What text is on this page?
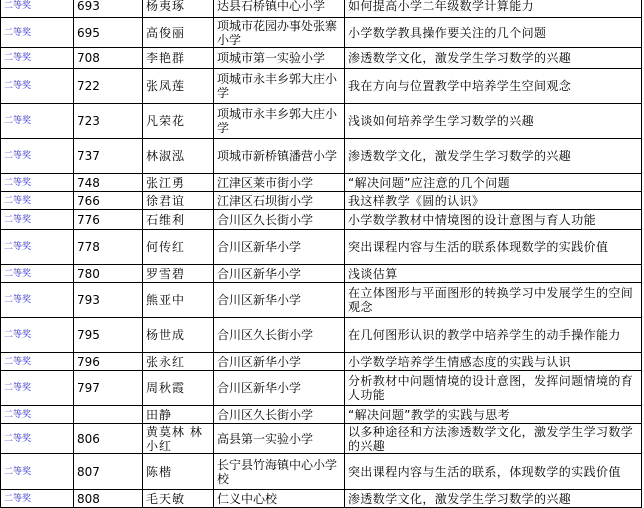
二等奖	693	杨夷琢	达县石桥镇中心小学	如何提高小学二年级数学计算能力
二等奖	695	高俊丽	项城市花园办事处张寨小学	小学数学教具操作要关注的几个问题
二等奖	708	李艳群	项城市第一实验小学	渗透数学文化，激发学生学习数学的兴趣
二等奖	722	张凤莲	项城市永丰乡郭大庄小学	我在方向与位置教学中培养学生空间观念
二等奖	723	凡荣花	项城市永丰乡郭大庄小学	浅谈如何培养学生学习数学的兴趣
二等奖	737	林淑泓	项城市新桥镇潘营小学	渗透数学文化，激发学生学习数学的兴趣
二等奖	748	张江勇	江津区莱市街小学	“解决问题”应注意的几个问题
二等奖	766	徐君谊	江津区石坝街小学	我这样教学《圆的认识》
二等奖	776	石维利	合川区久长街小学	小学数学教材中情境图的设计意图与育人功能
二等奖	778	何传红	合川区新华小学	突出课程内容与生活的联系体现数学的实践价值
二等奖	780	罗雪碧	合川区新华小学	浅谈估算
二等奖	793	熊亚中	合川区新华小学	在立体图形与平面图形的转换学习中发展学生的空间观念
二等奖	795	杨世成	合川区久长街小学	在几何图形认识的教学中培养学生的动手操作能力
二等奖	796	张永红	合川区新华小学	小学数学培养学生情感态度的实践与认识
二等奖	797	周秋霞	合川区新华小学	分析教材中问题情境的设计意图，发挥问题情境的育人功能
二等奖		田静	合川区久长街小学	“解决问题”教学的实践与思考
二等奖	806	黄莫林 林小红	高县第一实验小学	以多种途径和方法渗透数学文化，激发学生学习数学的兴趣
二等奖	807	陈楷	长宁县竹海镇中心小学校	突出课程内容与生活的联系，体现数学的实践价值
二等奖	808	毛天敏	仁义中心校	渗透数学文化，激发学生学习数学的兴趣
